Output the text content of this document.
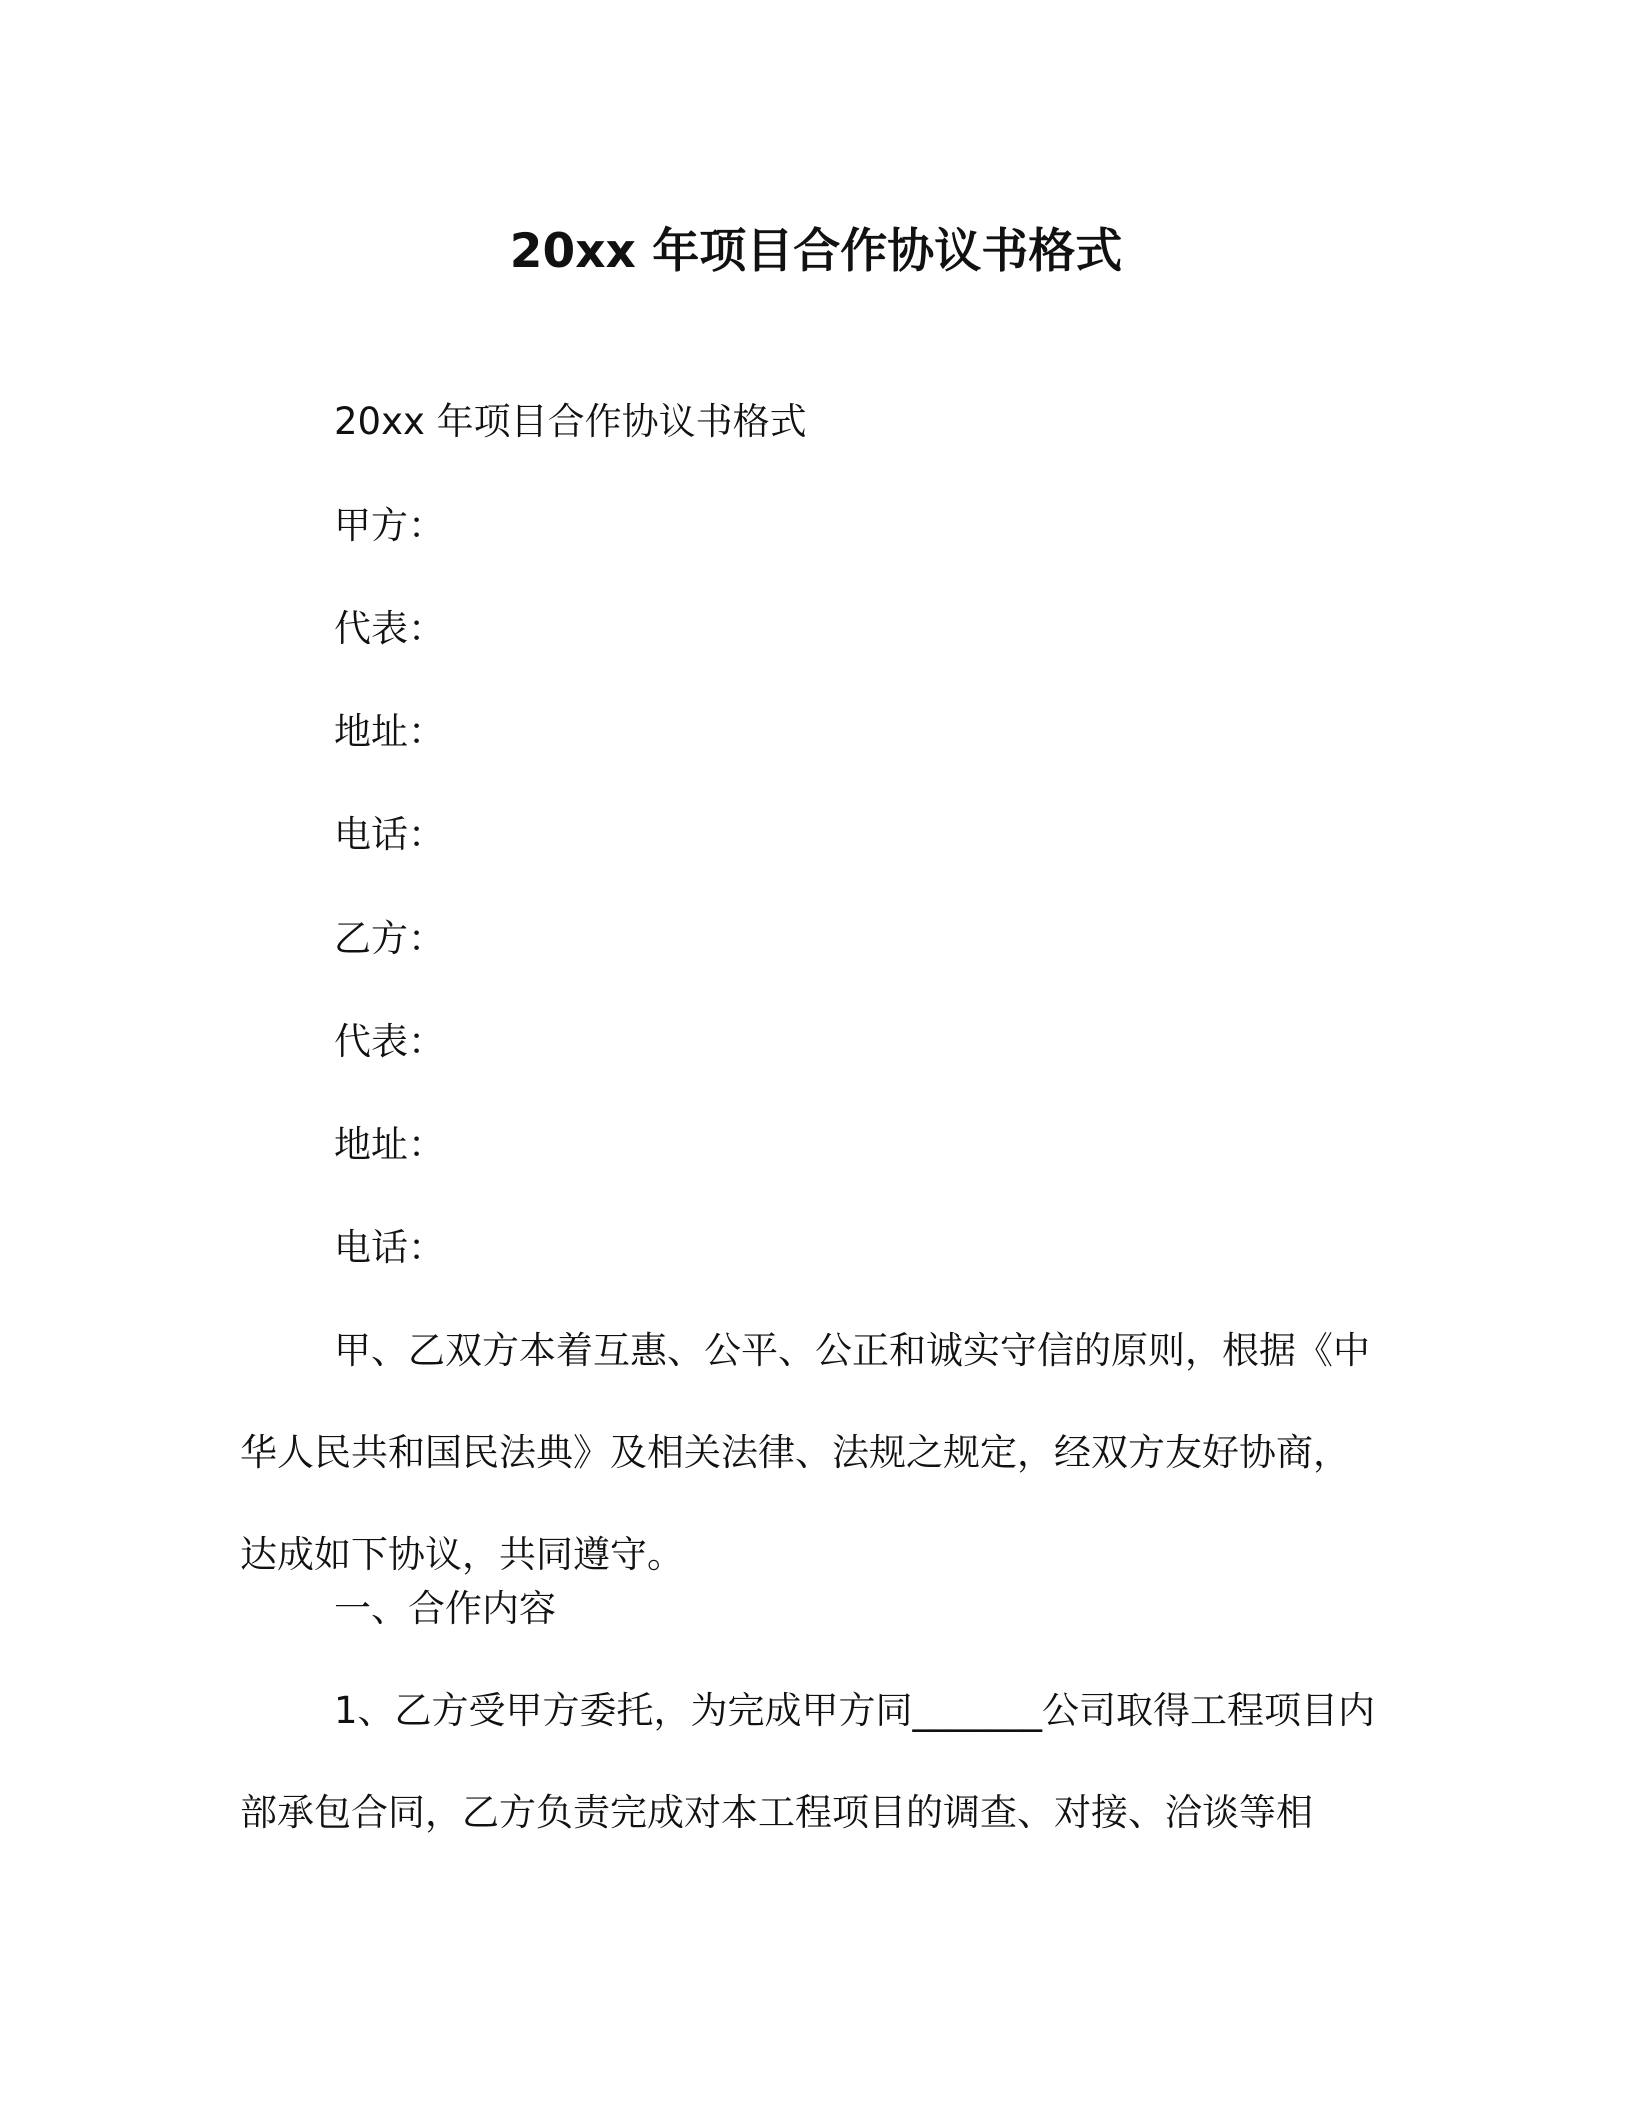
20xx 年项目合作协议书格式
20xx 年项目合作协议书格式
甲方：
代表：
地址：
电话：
乙方：
代表：
地址：
电话：

甲、乙双方本着互惠、公平、公正和诚实守信的原则，根据《中华人民共和国民法典》及相关法律、法规之规定，经双方友好协商，达成如下协议，共同遵守。

一、合作内容

1、乙方受甲方委托，为完成甲方同_______公司取得工程项目内部承包合同，乙方负责完成对本工程项目的调查、对接、洽谈等相
